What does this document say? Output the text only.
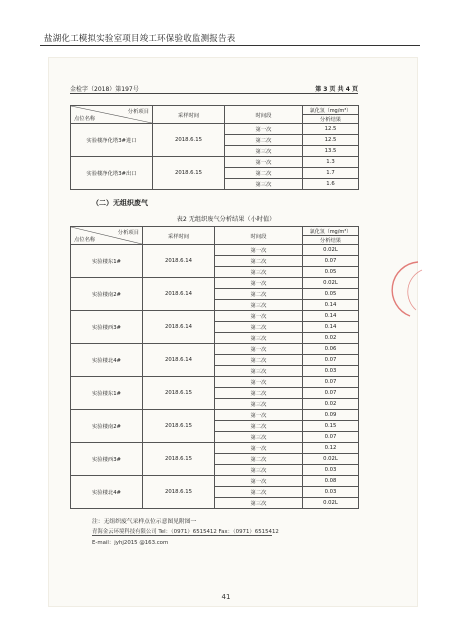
盐湖化工模拟实验室项目竣工环保验收监测报告表
金检字（2018）第197号	第 3 页 共 4 页
分析项目
点位名称	采样时间	时间段	氯化氢（mg/m³）
			分析结果
实验楼净化塔3#进口	2018.6.15	第一次	12.5
		第二次	12.5
		第三次	13.5
实验楼净化塔3#出口	2018.6.15	第一次	1.3
		第二次	1.7
		第三次	1.6
（二）无组织废气
表2 无组织废气分析结果（小时值）
分析项目
点位名称	采样时间	时间段	氯化氢（mg/m³）
			分析结果
实验楼东1#	2018.6.14	第一次	0.02L
		第二次	0.07
		第三次	0.05
实验楼南2#	2018.6.14	第一次	0.02L
		第二次	0.05
		第三次	0.14
实验楼西3#	2018.6.14	第一次	0.14
		第二次	0.14
		第三次	0.02
实验楼北4#	2018.6.14	第一次	0.06
		第二次	0.07
		第三次	0.03
实验楼东1#	2018.6.15	第一次	0.07
		第二次	0.07
		第三次	0.02
实验楼南2#	2018.6.15	第一次	0.09
		第二次	0.15
		第三次	0.07
实验楼西3#	2018.6.15	第一次	0.12
		第二次	0.02L
		第三次	0.03
实验楼北4#	2018.6.15	第一次	0.08
		第二次	0.03
		第三次	0.02L
注：无组织废气采样点位示意图见附图一
青海金云环境科技有限公司 Tel：（0971）6515412 Fax：（0971）6515412
E-mail：jyhj2015 @163.com
41
